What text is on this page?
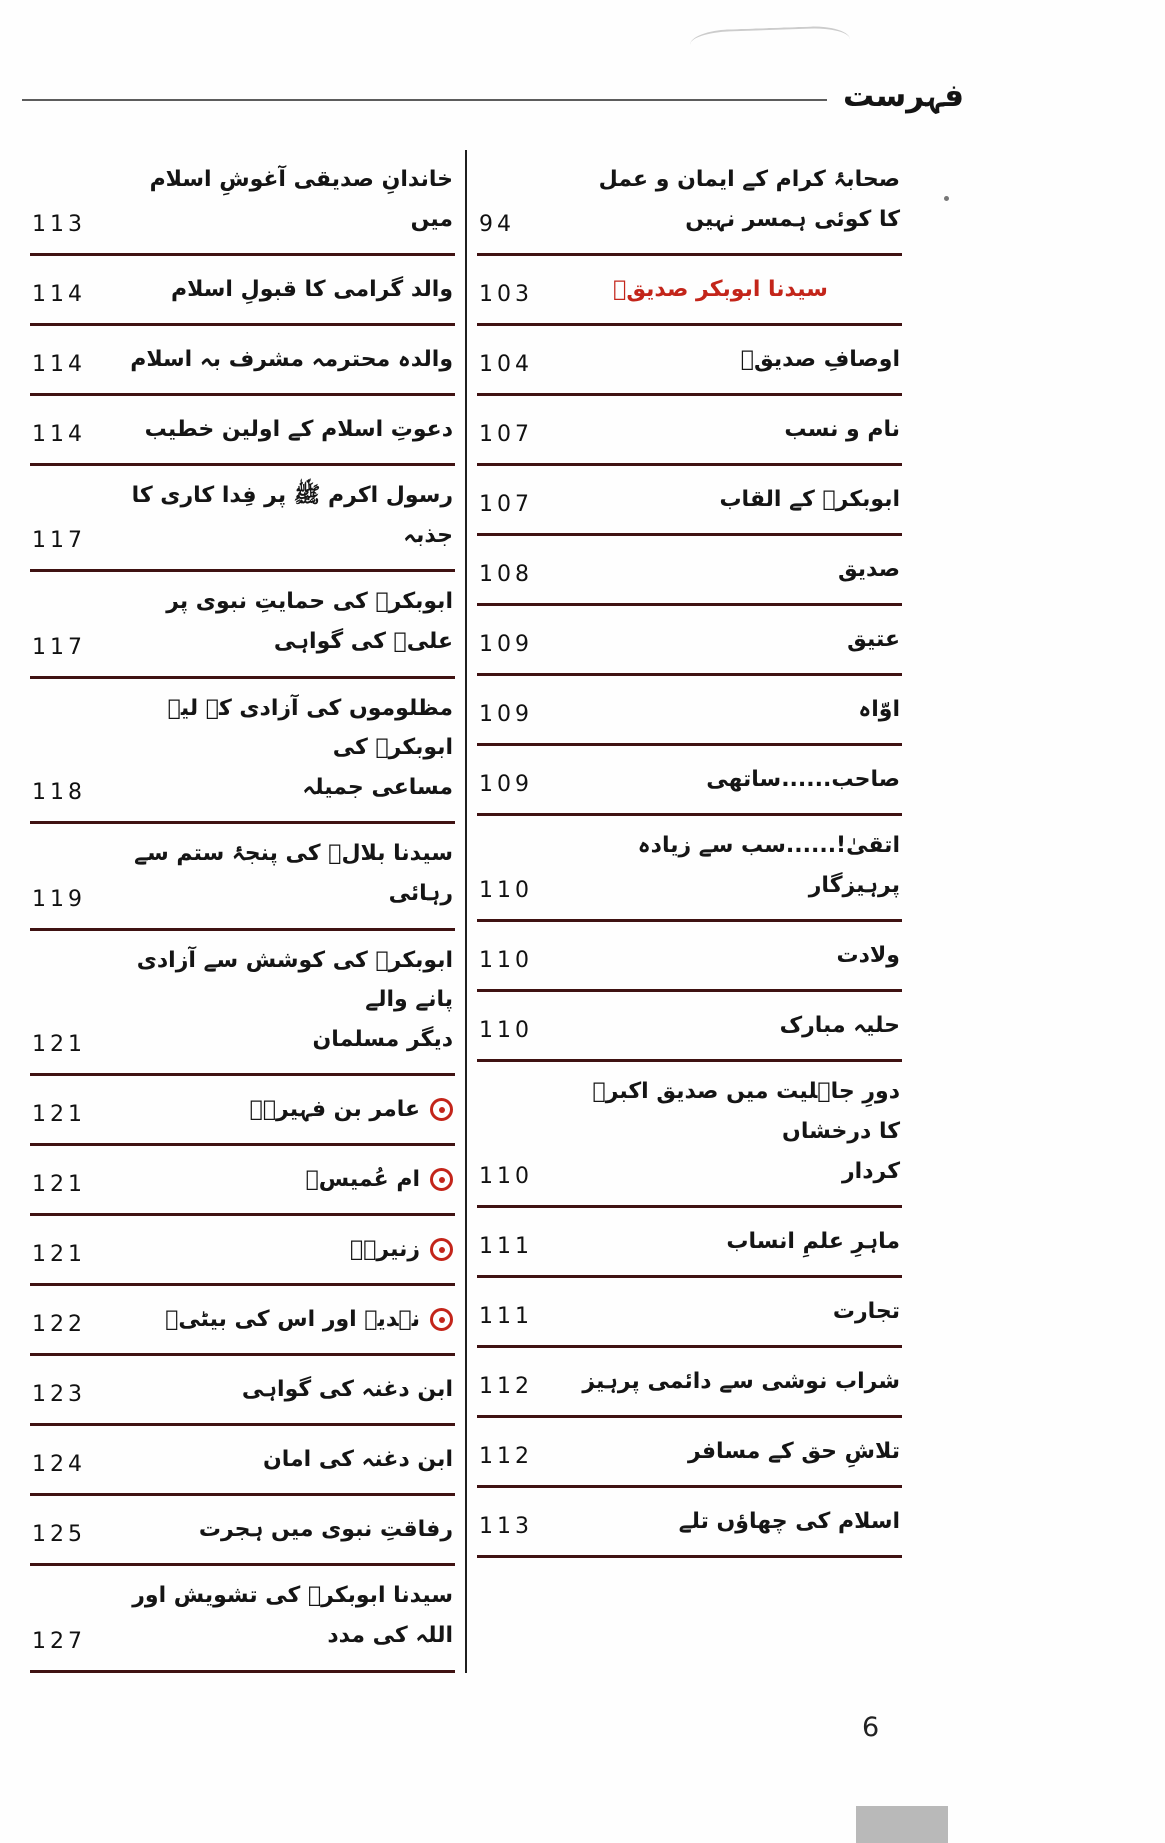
فہرست
صحابۂ کرام کے ایمان و عمل کا کوئی ہمسر نہیں
94
سیدنا ابوبکر صدیقؓ
103
اوصافِ صدیقؓ
104
نام و نسب
107
ابوبکرؓ کے القاب
107
صدیق
108
عتیق
109
اوّاہ
109
صاحب......ساتھی
109
اتقیٰ!......سب سے زیادہ پرہیزگار
110
ولادت
110
حلیہ مبارک
110
دورِ جاہلیت میں صدیق اکبرؓ کا درخشاں
کردار
110
ماہرِ علمِ انساب
111
تجارت
111
شراب نوشی سے دائمی پرہیز
112
تلاشِ حق کے مسافر
112
اسلام کی چھاؤں تلے
113
خاندانِ صدیقی آغوشِ اسلام میں
113
والد گرامی کا قبولِ اسلام
114
والدہ محترمہ مشرف بہ اسلام
114
دعوتِ اسلام کے اولین خطیب
114
رسول اکرم ﷺ پر فِدا کاری کا جذبہ
117
ابوبکرؓ کی حمایتِ نبوی پر علیؓ کی گواہی
117
مظلوموں کی آزادی کے لیے ابوبکرؓ کی
مساعی جمیلہ
118
سیدنا بلالؓ کی پنجۂ ستم سے رہائی
119
ابوبکرؓ کی کوشش سے آزادی پانے والے
دیگر مسلمان
121
عامر بن فہیرہؓ
121
ام عُمیسؓ
121
زنیرہؓ
121
نہدیہ اور اس کی بیٹیؓ
122
ابن دغنہ کی گواہی
123
ابن دغنہ کی امان
124
رفاقتِ نبوی میں ہجرت
125
سیدنا ابوبکرؓ کی تشویش اور اللہ کی مدد
127
6
